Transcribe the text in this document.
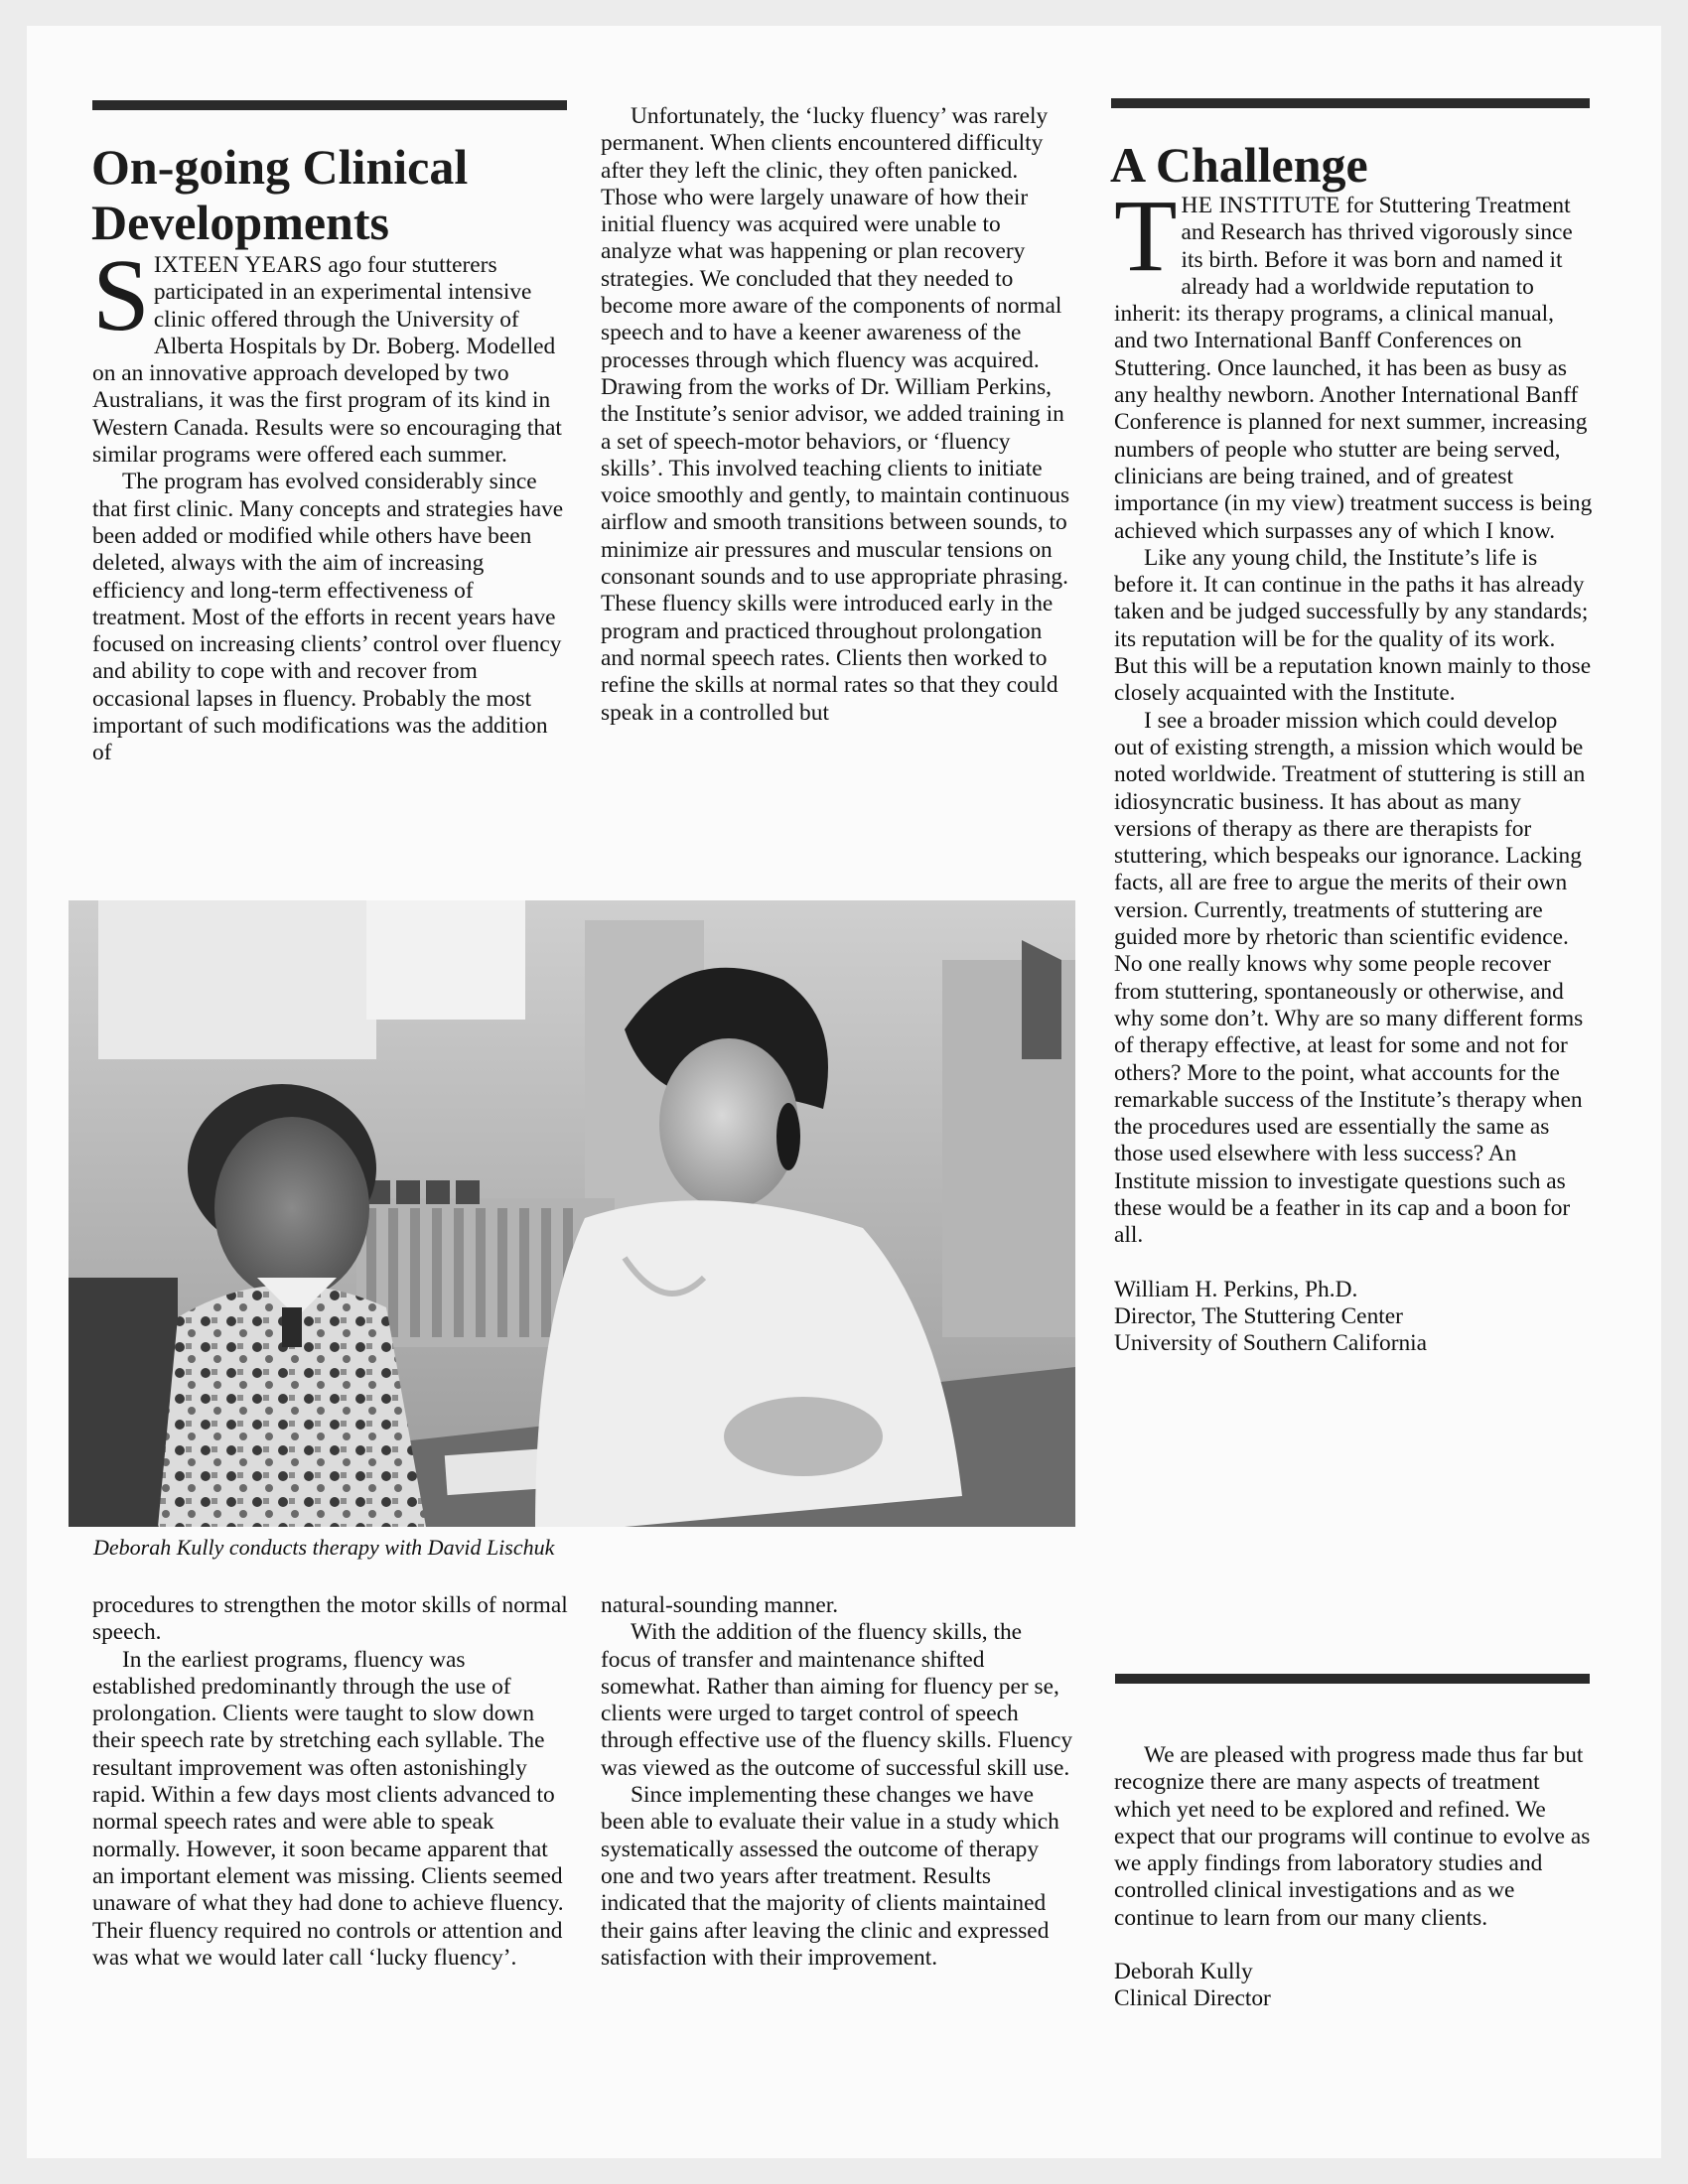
On-going Clinical Developments

SIXTEEN YEARS ago four stutterers participated in an experimental intensive clinic offered through the University of Alberta Hospitals by Dr. Boberg. Modelled on an innovative approach developed by two Australians, it was the first program of its kind in Western Canada. Results were so encouraging that similar programs were offered each summer.

The program has evolved considerably since that first clinic. Many concepts and strategies have been added or modified while others have been deleted, always with the aim of increasing efficiency and long-term effectiveness of treatment. Most of the efforts in recent years have focused on increasing clients’ control over fluency and ability to cope with and recover from occasional lapses in fluency. Probably the most important of such modifications was the addition of

Unfortunately, the ‘lucky fluency’ was rarely permanent. When clients encountered difficulty after they left the clinic, they often panicked. Those who were largely unaware of how their initial fluency was acquired were unable to analyze what was happening or plan recovery strategies. We concluded that they needed to become more aware of the components of normal speech and to have a keener awareness of the processes through which fluency was acquired. Drawing from the works of Dr. William Perkins, the Institute’s senior advisor, we added training in a set of speech-motor behaviors, or ‘fluency skills’. This involved teaching clients to initiate voice smoothly and gently, to maintain continuous airflow and smooth transitions between sounds, to minimize air pressures and muscular tensions on consonant sounds and to use appropriate phrasing. These fluency skills were introduced early in the program and practiced throughout prolongation and normal speech rates. Clients then worked to refine the skills at normal rates so that they could speak in a controlled but

Deborah Kully conducts therapy with David Lischuk

procedures to strengthen the motor skills of normal speech.

In the earliest programs, fluency was established predominantly through the use of prolongation. Clients were taught to slow down their speech rate by stretching each syllable. The resultant improvement was often astonishingly rapid. Within a few days most clients advanced to normal speech rates and were able to speak normally. However, it soon became apparent that an important element was missing. Clients seemed unaware of what they had done to achieve fluency. Their fluency required no controls or attention and was what we would later call ‘lucky fluency’.

natural-sounding manner.

With the addition of the fluency skills, the focus of transfer and maintenance shifted somewhat. Rather than aiming for fluency per se, clients were urged to target control of speech through effective use of the fluency skills. Fluency was viewed as the outcome of successful skill use.

Since implementing these changes we have been able to evaluate their value in a study which systematically assessed the outcome of therapy one and two years after treatment. Results indicated that the majority of clients maintained their gains after leaving the clinic and expressed satisfaction with their improvement.

A Challenge

THE INSTITUTE for Stuttering Treatment and Research has thrived vigorously since its birth. Before it was born and named it already had a worldwide reputation to inherit: its therapy programs, a clinical manual, and two International Banff Conferences on Stuttering. Once launched, it has been as busy as any healthy newborn. Another International Banff Conference is planned for next summer, increasing numbers of people who stutter are being served, clinicians are being trained, and of greatest importance (in my view) treatment success is being achieved which surpasses any of which I know.

Like any young child, the Institute’s life is before it. It can continue in the paths it has already taken and be judged successfully by any standards; its reputation will be for the quality of its work. But this will be a reputation known mainly to those closely acquainted with the Institute.

I see a broader mission which could develop out of existing strength, a mission which would be noted worldwide. Treatment of stuttering is still an idiosyncratic business. It has about as many versions of therapy as there are therapists for stuttering, which bespeaks our ignorance. Lacking facts, all are free to argue the merits of their own version. Currently, treatments of stuttering are guided more by rhetoric than scientific evidence. No one really knows why some people recover from stuttering, spontaneously or otherwise, and why some don’t. Why are so many different forms of therapy effective, at least for some and not for others? More to the point, what accounts for the remarkable success of the Institute’s therapy when the procedures used are essentially the same as those used elsewhere with less success? An Institute mission to investigate questions such as these would be a feather in its cap and a boon for all.

William H. Perkins, Ph.D.

Director, The Stuttering Center

University of Southern California

We are pleased with progress made thus far but recognize there are many aspects of treatment which yet need to be explored and refined. We expect that our programs will continue to evolve as we apply findings from laboratory studies and controlled clinical investigations and as we continue to learn from our many clients.

Deborah Kully

Clinical Director
